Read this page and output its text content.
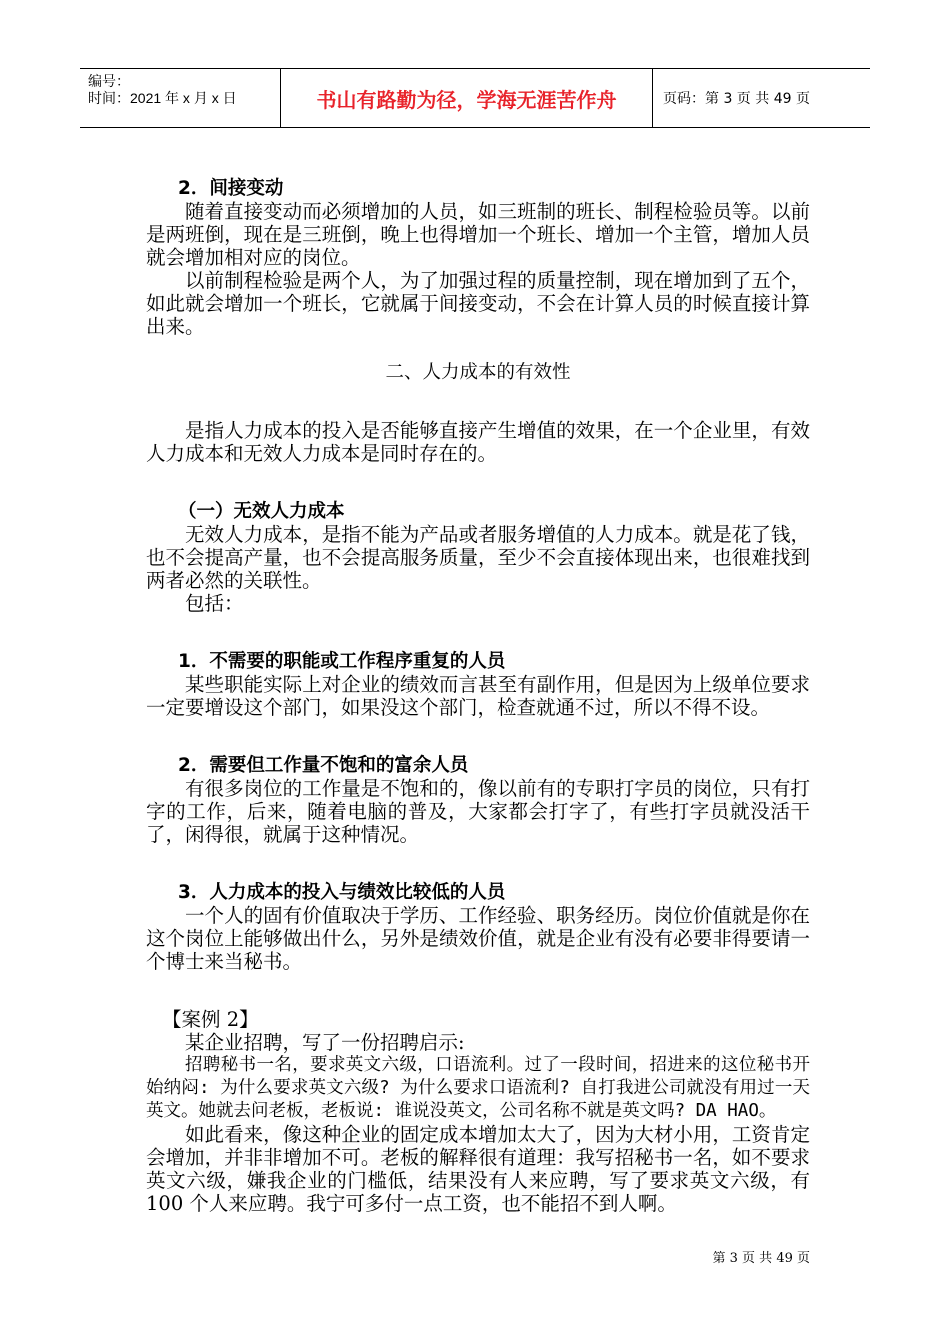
编号：
时间：2021 年 x 月 x 日	书山有路勤为径，学海无涯苦作舟	页码：第 3 页 共 49 页

2．间接变动

随着直接变动而必须增加的人员，如三班制的班长、制程检验员等。以前是两班倒，现在是三班倒，晚上也得增加一个班长、增加一个主管，增加人员就会增加相对应的岗位。

以前制程检验是两个人，为了加强过程的质量控制，现在增加到了五个，如此就会增加一个班长，它就属于间接变动，不会在计算人员的时候直接计算出来。

二、人力成本的有效性

是指人力成本的投入是否能够直接产生增值的效果，在一个企业里，有效人力成本和无效人力成本是同时存在的。

（一）无效人力成本

无效人力成本，是指不能为产品或者服务增值的人力成本。就是花了钱，也不会提高产量，也不会提高服务质量，至少不会直接体现出来，也很难找到两者必然的关联性。

包括：

1．不需要的职能或工作程序重复的人员

某些职能实际上对企业的绩效而言甚至有副作用，但是因为上级单位要求一定要增设这个部门，如果没这个部门，检查就通不过，所以不得不设。

2．需要但工作量不饱和的富余人员

有很多岗位的工作量是不饱和的，像以前有的专职打字员的岗位，只有打字的工作，后来，随着电脑的普及，大家都会打字了，有些打字员就没活干了，闲得很，就属于这种情况。

3．人力成本的投入与绩效比较低的人员

一个人的固有价值取决于学历、工作经验、职务经历。岗位价值就是你在这个岗位上能够做出什么，另外是绩效价值，就是企业有没有必要非得要请一个博士来当秘书。

【案例 2】

某企业招聘，写了一份招聘启示:

招聘秘书一名，要求英文六级，口语流利。过了一段时间，招进来的这位秘书开始纳闷: 为什么要求英文六级? 为什么要求口语流利? 自打我进公司就没有用过一天英文。她就去问老板，老板说: 谁说没英文，公司名称不就是英文吗? DA HAO。

如此看来，像这种企业的固定成本增加太大了，因为大材小用，工资肯定会增加，并非非增加不可。老板的解释很有道理：我写招秘书一名，如不要求英文六级，嫌我企业的门槛低，结果没有人来应聘，写了要求英文六级，有 100 个人来应聘。我宁可多付一点工资，也不能招不到人啊。

第 3 页 共 49 页
